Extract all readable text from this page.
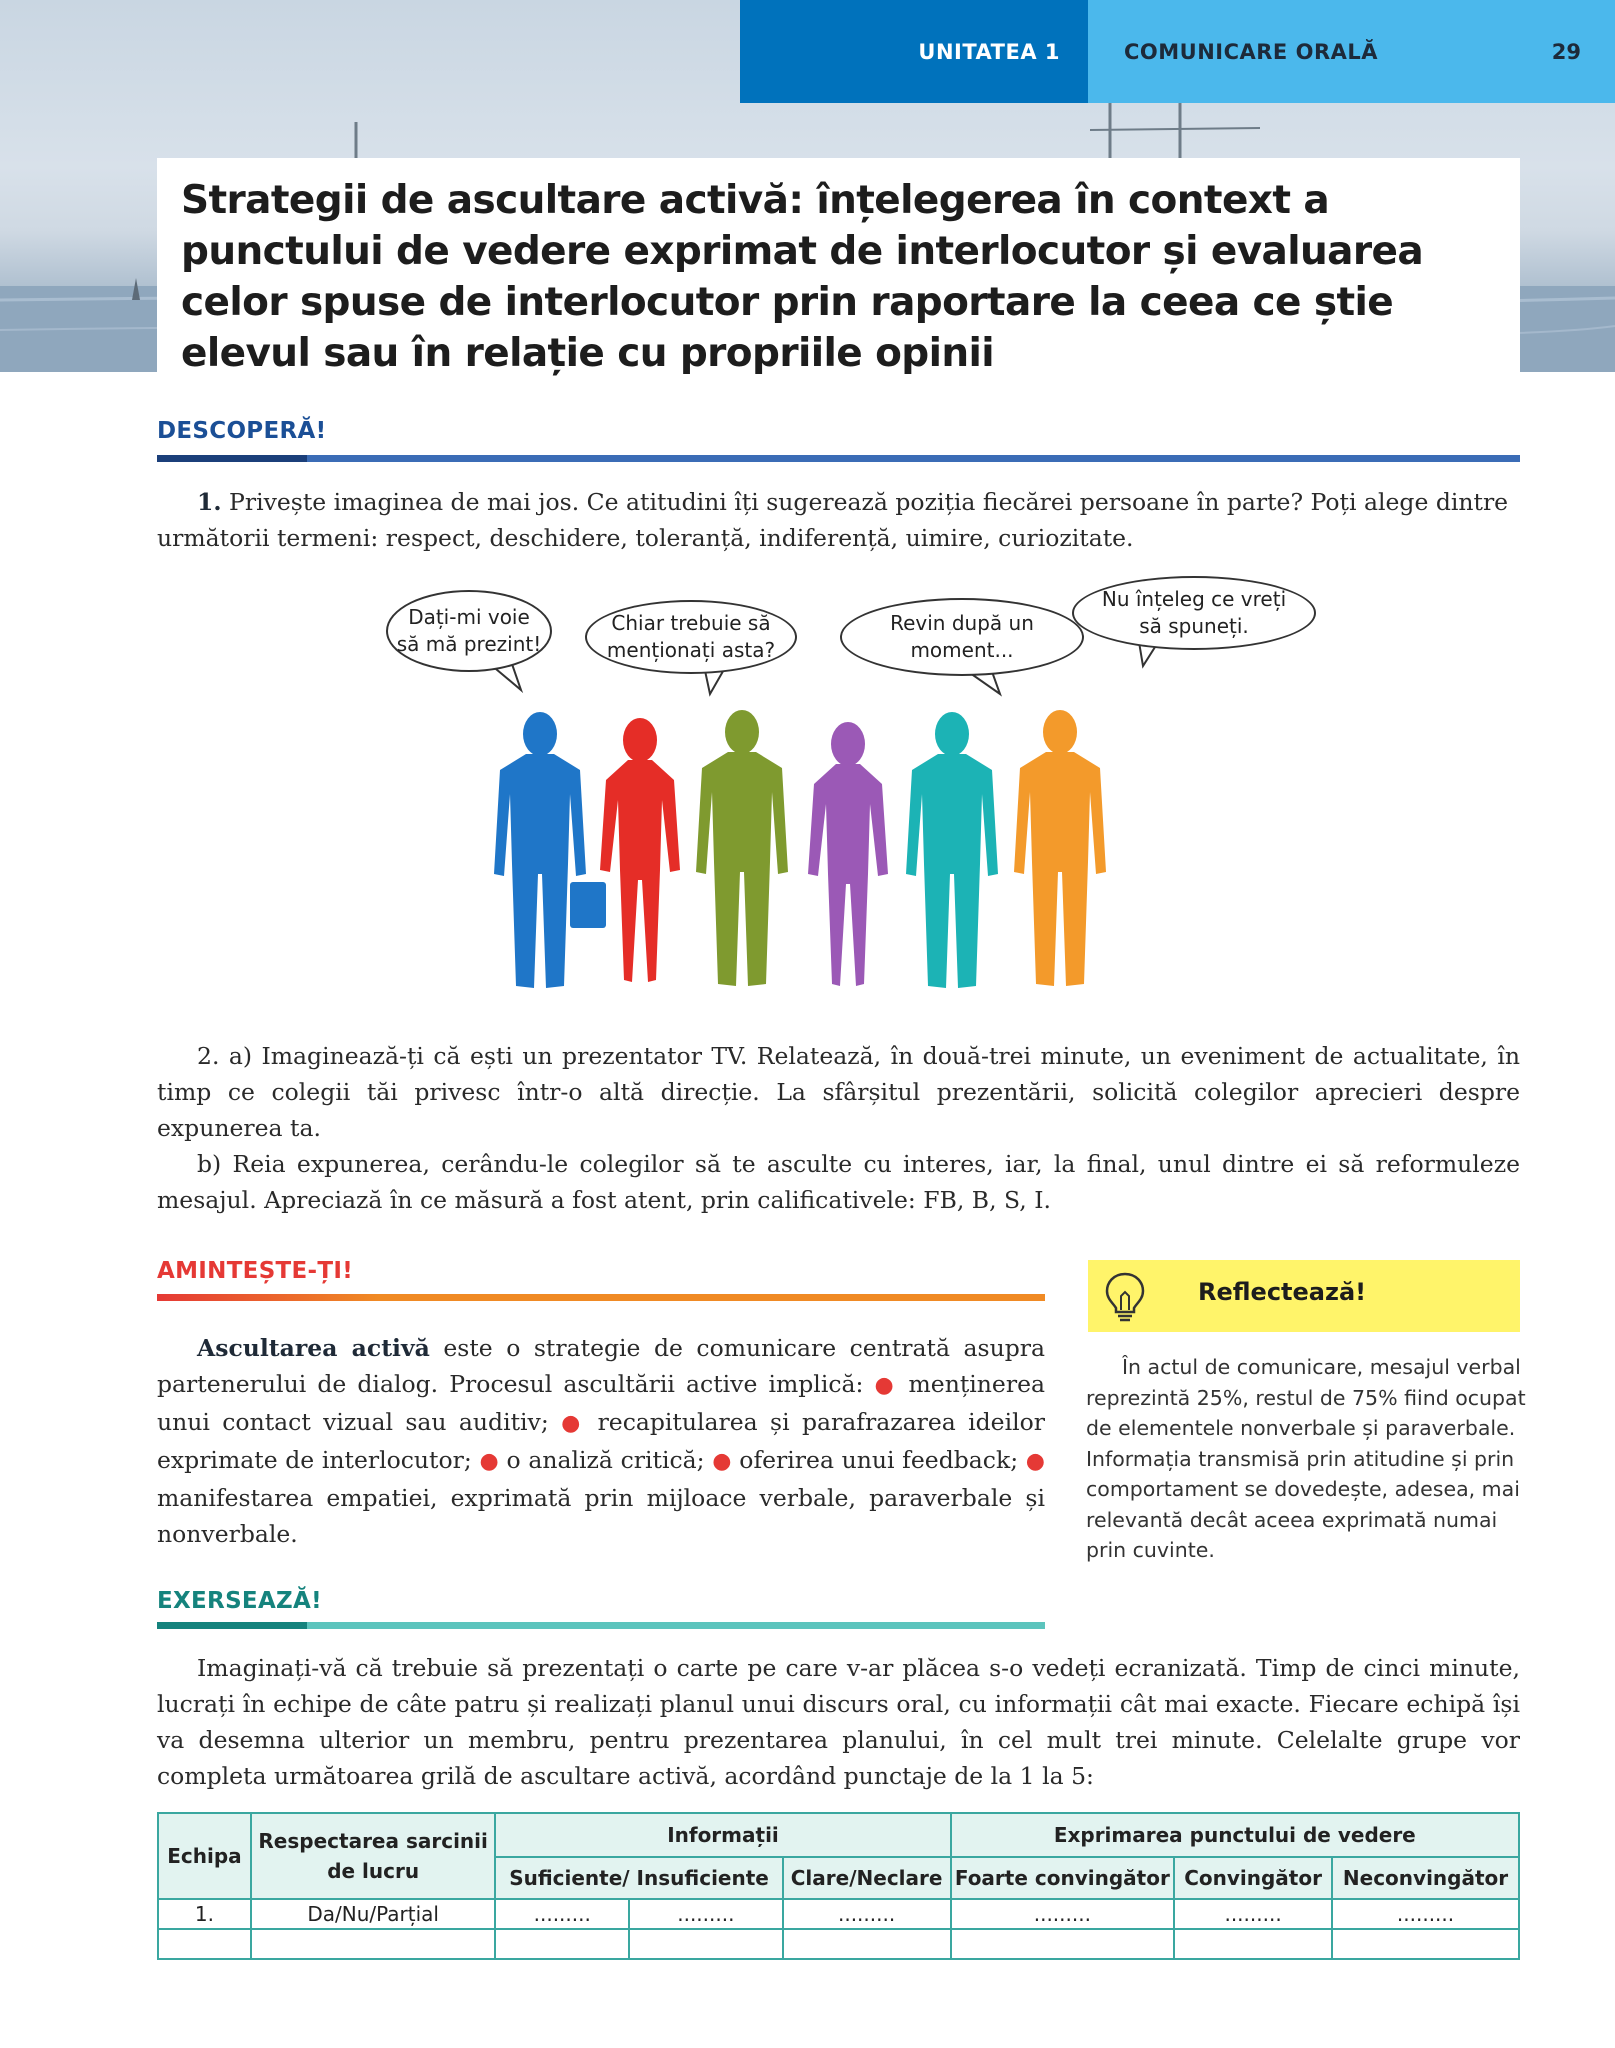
UNITATEA 1	COMUNICARE ORALĂ	29
Strategii de ascultare activă: înțelegerea în context a punctului de vedere exprimat de interlocutor și evaluarea celor spuse de interlocutor prin raportare la ceea ce știe elevul sau în relație cu propriile opinii
DESCOPERĂ!
1. Privește imaginea de mai jos. Ce atitudini îți sugerează poziția fiecărei persoane în parte? Poți alege dintre următorii termeni: respect, deschidere, toleranță, indiferență, uimire, curiozitate.
Dați-mi voie
să mă prezint!
Chiar trebuie să
menționați asta?
Revin după un
moment...
Nu înțeleg ce vreți
să spuneți.
2. a) Imaginează-ți că ești un prezentator TV. Relatează, în două-trei minute, un eveniment de actualitate, în timp ce colegii tăi privesc într-o altă direcție. La sfârșitul prezentării, solicită colegilor aprecieri despre expunerea ta.
b) Reia expunerea, cerându-le colegilor să te asculte cu interes, iar, la final, unul dintre ei să reformuleze mesajul. Apreciază în ce măsură a fost atent, prin calificativele: FB, B, S, I.
AMINTEȘTE-ȚI!
Ascultarea activă este o strategie de comunicare centrată asupra partenerului de dialog. Procesul ascultării active implică: ● menținerea unui contact vizual sau auditiv; ● recapitularea și parafrazarea ideilor exprimate de interlocutor; ● o analiză critică; ● oferirea unui feedback; ● manifestarea empatiei, exprimată prin mijloace verbale, paraverbale și nonverbale.
Reflectează!
În actul de comunicare, mesajul verbal reprezintă 25%, restul de 75% fiind ocupat de elementele nonverbale și paraverbale. Informația transmisă prin atitudine și prin comportament se dovedește, adesea, mai relevantă decât aceea exprimată numai prin cuvinte.
EXERSEAZĂ!
Imaginați-vă că trebuie să prezentați o carte pe care v-ar plăcea s-o vedeți ecranizată. Timp de cinci minute, lucrați în echipe de câte patru și realizați planul unui discurs oral, cu informații cât mai exacte. Fiecare echipă își va desemna ulterior un membru, pentru prezentarea planului, în cel mult trei minute. Celelalte grupe vor completa următoarea grilă de ascultare activă, acordând punctaje de la 1 la 5:
Echipa	Respectarea sarcinii de lucru	Informații			Exprimarea punctului de vedere		
		Suficiente/ Insuficiente		Clare/Neclare	Foarte convingător	Convingător	Neconvingător
1.	Da/Nu/Parțial	.........	.........	.........	.........	.........	.........
